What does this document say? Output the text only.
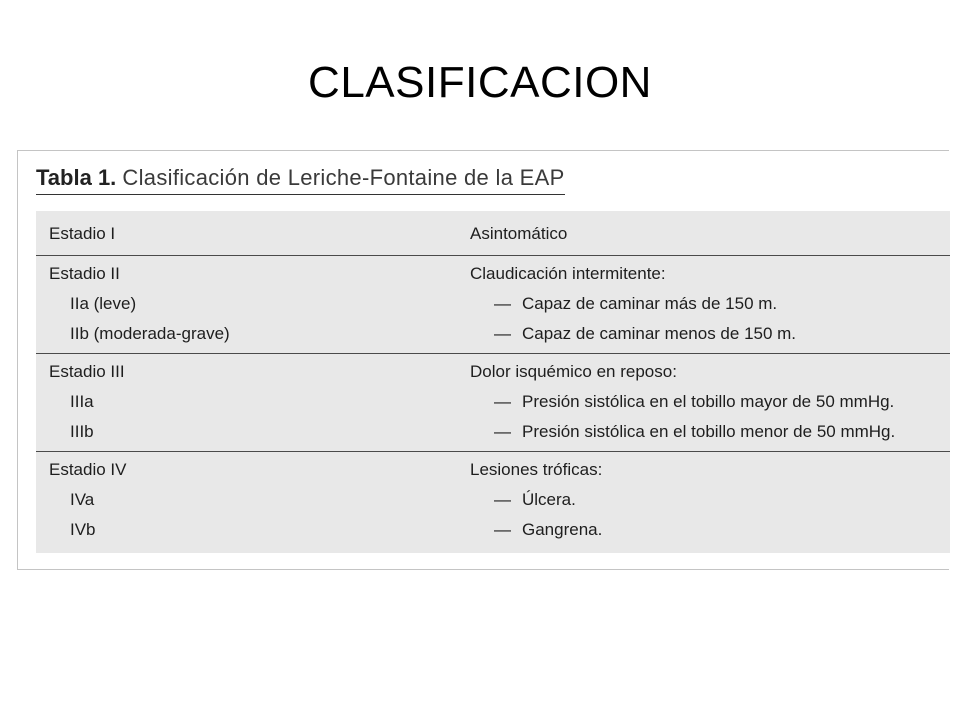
CLASIFICACION

Tabla 1. Clasificación de Leriche-Fontaine de la EAP

Estadio I	Asintomático
Estadio II	Claudicación intermitente:
IIa (leve)	— Capaz de caminar más de 150 m.
IIb (moderada-grave)	— Capaz de caminar menos de 150 m.
Estadio III	Dolor isquémico en reposo:
IIIa	— Presión sistólica en el tobillo mayor de 50 mmHg.
IIIb	— Presión sistólica en el tobillo menor de 50 mmHg.
Estadio IV	Lesiones tróficas:
IVa	— Úlcera.
IVb	— Gangrena.
